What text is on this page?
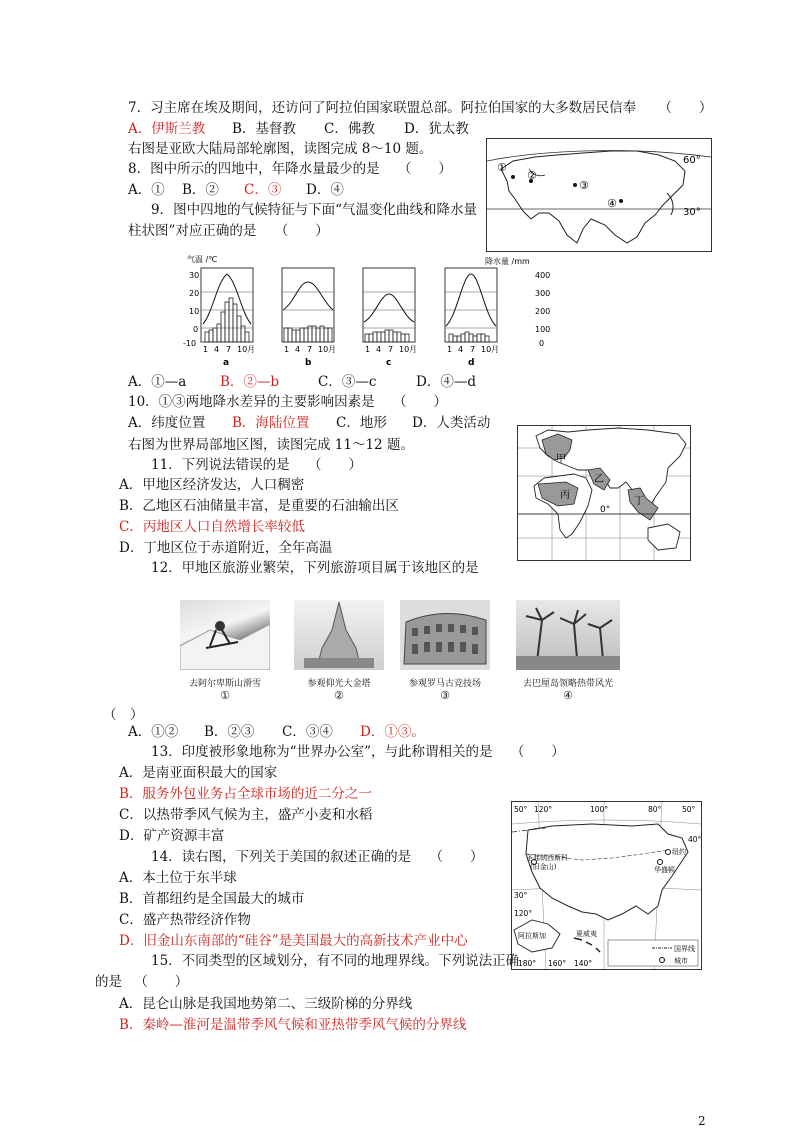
7．习主席在埃及期间，还访问了阿拉伯国家联盟总部。阿拉伯国家的大多数居民信奉 （　　）
A．伊斯兰教 B．基督教 C．佛教 D．犹太教
右图是亚欧大陆局部轮廓图，读图完成 8～10 题。
8．图中所示的四地中，年降水量最少的是 （　　）
A．① B．② C．③ D．④
9．图中四地的气候特征与下面“气温变化曲线和降水量
柱状图”对应正确的是 （　　）
①
②
③
④
60°
30°
气温 /℃	降水量 /mm
30
20
10
0
-10
400
300
200
100
0
1 4 7 10 月	1 4 7 10 月	1 4 7 10 月	1 4 7 10 月
a	b	c	d
A．①—a B．②—b	C．③—c	D．④—d
10．①③两地降水差异的主要影响因素是 （　　）
A．纬度位置 B．海陆位置 C．地形 D．人类活动
右图为世界局部地区图，读图完成 11～12 题。
甲
乙
丙
丁
0°
11．下列说法错误的是 （　　）
A．甲地区经济发达，人口稠密
B．乙地区石油储量丰富，是重要的石油输出区
C．丙地区人口自然增长率较低
D．丁地区位于赤道附近，全年高温
12．甲地区旅游业繁荣，下列旅游项目属于该地区的是
去阿尔卑斯山滑雪	参观仰光大金塔	参观罗马古竞技场	去巴厘岛领略热带风光
①	②	③	④
（　）
A．①② B．②③ C．③④ D．①③。
13．印度被形象地称为“世界办公室”，与此称谓相关的是 （　　）
A．是南亚面积最大的国家
B．服务外包业务占全球市场的近二分之一
C．以热带季风气候为主，盛产小麦和水稻
D．矿产资源丰富
50° 120°	100°	80°	50°
40°
30°
120°
180° 160° 140°
圣弗朗西斯科
(旧金山)
纽约
华盛顿
夏威夷
阿拉斯加
国界线
城市
14．读右图，下列关于美国的叙述正确的是 （　　）
A．本土位于东半球
B．首都纽约是全国最大的城市
C．盛产热带经济作物
D．旧金山东南部的“硅谷”是美国最大的高新技术产业中心
15．不同类型的区域划分，有不同的地理界线。下列说法正确
的是 （　　）
A．昆仑山脉是我国地势第二、三级阶梯的分界线
B．秦岭—淮河是温带季风气候和亚热带季风气候的分界线
2
